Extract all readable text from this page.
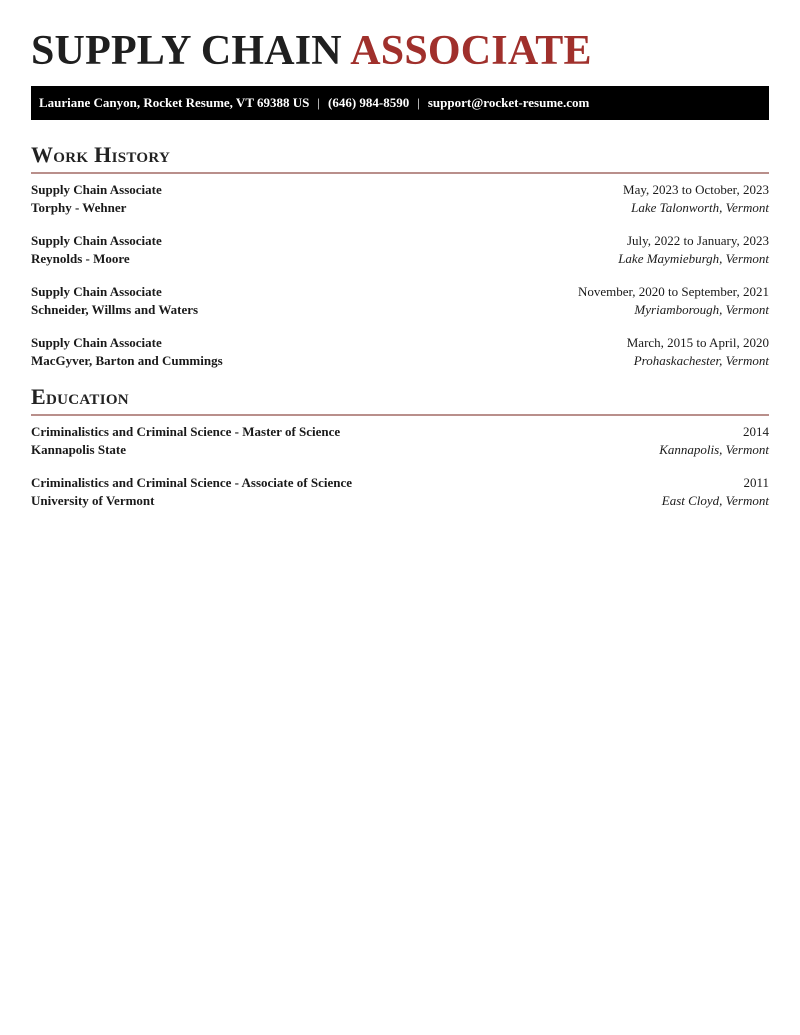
SUPPLY CHAIN ASSOCIATE
Lauriane Canyon, Rocket Resume, VT 69388 US | (646) 984-8590 | support@rocket-resume.com
Work History
Supply Chain Associate	May, 2023 to October, 2023
Torphy - Wehner	Lake Talonworth, Vermont
Supply Chain Associate	July, 2022 to January, 2023
Reynolds - Moore	Lake Maymieburgh, Vermont
Supply Chain Associate	November, 2020 to September, 2021
Schneider, Willms and Waters	Myriamborough, Vermont
Supply Chain Associate	March, 2015 to April, 2020
MacGyver, Barton and Cummings	Prohaskachester, Vermont
Education
Criminalistics and Criminal Science - Master of Science	2014
Kannapolis State	Kannapolis, Vermont
Criminalistics and Criminal Science - Associate of Science	2011
University of Vermont	East Cloyd, Vermont
